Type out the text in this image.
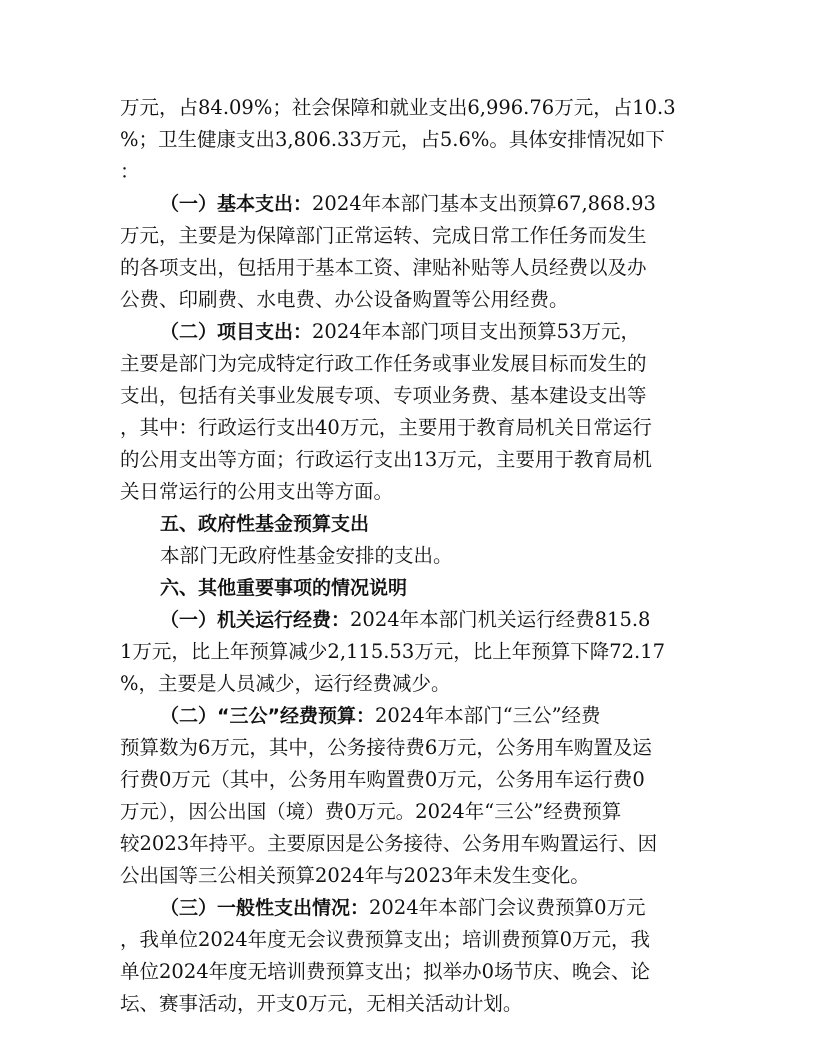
万元，占84.09%；社会保障和就业支出6,996.76万元，占10.3
%；卫生健康支出3,806.33万元，占5.6%。具体安排情况如下
：
（一）基本支出：2024年本部门基本支出预算67,868.93
万元，主要是为保障部门正常运转、完成日常工作任务而发生
的各项支出，包括用于基本工资、津贴补贴等人员经费以及办
公费、印刷费、水电费、办公设备购置等公用经费。
（二）项目支出：2024年本部门项目支出预算53万元，
主要是部门为完成特定行政工作任务或事业发展目标而发生的
支出，包括有关事业发展专项、专项业务费、基本建设支出等
，其中：行政运行支出40万元，主要用于教育局机关日常运行
的公用支出等方面；行政运行支出13万元，主要用于教育局机
关日常运行的公用支出等方面。
五、政府性基金预算支出
本部门无政府性基金安排的支出。
六、其他重要事项的情况说明
（一）机关运行经费：2024年本部门机关运行经费815.8
1万元，比上年预算减少2,115.53万元，比上年预算下降72.17
%，主要是人员减少，运行经费减少。
（二）“三公”经费预算：2024年本部门“三公”经费
预算数为6万元，其中，公务接待费6万元，公务用车购置及运
行费0万元（其中，公务用车购置费0万元，公务用车运行费0
万元），因公出国（境）费0万元。2024年“三公”经费预算
较2023年持平。主要原因是公务接待、公务用车购置运行、因
公出国等三公相关预算2024年与2023年未发生变化。
（三）一般性支出情况：2024年本部门会议费预算0万元
，我单位2024年度无会议费预算支出；培训费预算0万元，我
单位2024年度无培训费预算支出；拟举办0场节庆、晚会、论
坛、赛事活动，开支0万元，无相关活动计划。
